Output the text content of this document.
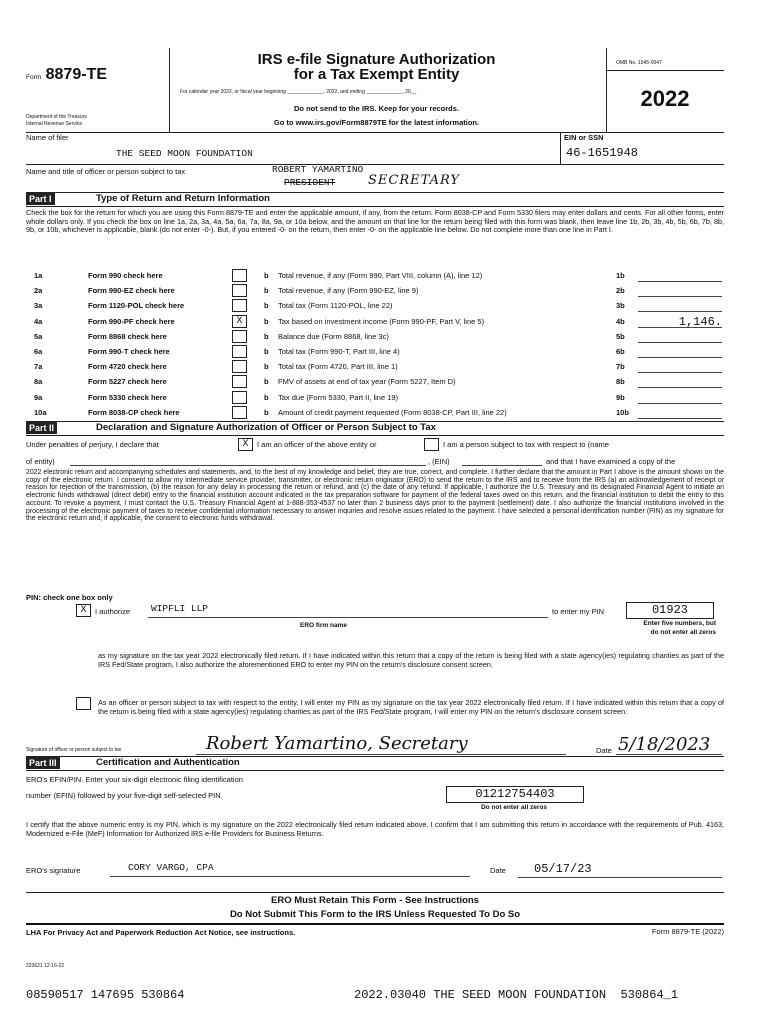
Form 8879-TE
Department of the Treasury
Internal Revenue Service
IRS e-file Signature Authorization
for a Tax Exempt Entity
For calendar year 2022, or fiscal year beginning _____________, 2022, and ending _____________, 20__
Do not send to the IRS. Keep for your records.
Go to www.irs.gov/Form8879TE for the latest information.
OMB No. 1545-0047
2022
Name of filer
THE SEED MOON FOUNDATION
EIN or SSN
46-1651948
Name and title of officer or person subject to tax	ROBERT YAMARTINO
PRESIDENT	SECRETARY
Part I	Type of Return and Return Information
Check the box for the return for which you are using this Form 8879-TE and enter the applicable amount, if any, from the return. Form 8038-CP and Form 5330 filers may enter dollars and cents. For all other forms, enter whole dollars only. If you check the box on line 1a, 2a, 3a, 4a, 5a, 6a, 7a, 8a, 9a, or 10a below, and the amount on that line for the return being filed with this form was blank, then leave line 1b, 2b, 3b, 4b, 5b, 6b, 7b, 8b, 9b, or 10b, whichever is applicable, blank (do not enter -0-). But, if you entered -0- on the return, then enter -0- on the applicable line below. Do not complete more than one line in Part I.
1a	Form 990 check here	b Total revenue, if any (Form 990, Part VIII, column (A), line 12)	1b
2a	Form 990-EZ check here	b Total revenue, if any (Form 990-EZ, line 9)	2b
3a	Form 1120-POL check here	b Total tax (Form 1120-POL, line 22)	3b
4a	Form 990-PF check here	X	b Tax based on investment income (Form 990-PF, Part V, line 5)	4b	1,146.
5a	Form 8868 check here	b Balance due (Form 8868, line 3c)	5b
6a	Form 990-T check here	b Total tax (Form 990-T, Part III, line 4)	6b
7a	Form 4720 check here	b Total tax (Form 4720, Part III, line 1)	7b
8a	Form 5227 check here	b FMV of assets at end of tax year (Form 5227, Item D)	8b
9a	Form 5330 check here	b Tax due (Form 5330, Part II, line 19)	9b
10a	Form 8038-CP check here	b Amount of credit payment requested (Form 8038-CP, Part III, line 22)	10b
Part II	Declaration and Signature Authorization of Officer or Person Subject to Tax
Under penalties of perjury, I declare that	X	I am an officer of the above entity or	I am a person subject to tax with respect to (name
of entity)	, (EIN)	and that I have examined a copy of the
2022 electronic return and accompanying schedules and statements, and, to the best of my knowledge and belief, they are true, correct, and complete. I further declare that the amount in Part I above is the amount shown on the copy of the electronic return. I consent to allow my intermediate service provider, transmitter, or electronic return originator (ERO) to send the return to the IRS and to receive from the IRS (a) an acknowledgement of receipt or reason for rejection of the transmission, (b) the reason for any delay in processing the return or refund, and (c) the date of any refund. If applicable, I authorize the U.S. Treasury and its designated Financial Agent to initiate an electronic funds withdrawal (direct debit) entry to the financial institution account indicated in the tax preparation software for payment of the federal taxes owed on this return, and the financial institution to debit the entry to this account. To revoke a payment, I must contact the U.S. Treasury Financial Agent at 1-888-353-4537 no later than 2 business days prior to the payment (settlement) date. I also authorize the financial institutions involved in the processing of the electronic payment of taxes to receive confidential information necessary to answer inquiries and resolve issues related to the payment. I have selected a personal identification number (PIN) as my signature for the electronic return and, if applicable, the consent to electronic funds withdrawal.
PIN: check one box only
X	I authorize WIPFLI LLP	to enter my PIN	01923
ERO firm name	Enter five numbers, but
do not enter all zeros
as my signature on the tax year 2022 electronically filed return. If I have indicated within this return that a copy of the return is being filed with a state agency(ies) regulating charities as part of the IRS Fed/State program, I also authorize the aforementioned ERO to enter my PIN on the return's disclosure consent screen.
As an officer or person subject to tax with respect to the entity, I will enter my PIN as my signature on the tax year 2022 electronically filed return. If I have indicated within this return that a copy of the return is being filed with a state agency(ies) regulating charities as part of the IRS Fed/State program, I will enter my PIN on the return's disclosure consent screen.
Signature of officer or person subject to tax	Robert Yamartino, Secretary	Date 5/18/2023
Part III	Certification and Authentication
ERO's EFIN/PIN. Enter your six-digit electronic filing identification
number (EFIN) followed by your five-digit self-selected PIN.	01212754403
Do not enter all zeros
I certify that the above numeric entry is my PIN, which is my signature on the 2022 electronically filed return indicated above. I confirm that I am submitting this return in accordance with the requirements of Pub. 4163, Modernized e-File (MeF) Information for Authorized IRS e-file Providers for Business Returns.
ERO's signature	CORY VARGO, CPA	Date 05/17/23
ERO Must Retain This Form - See Instructions
Do Not Submit This Form to the IRS Unless Requested To Do So
LHA For Privacy Act and Paperwork Reduction Act Notice, see instructions.	Form 8879-TE (2022)
223621 12-16-22
08590517 147695 530864	2022.03040 THE SEED MOON FOUNDATION  530864_1
